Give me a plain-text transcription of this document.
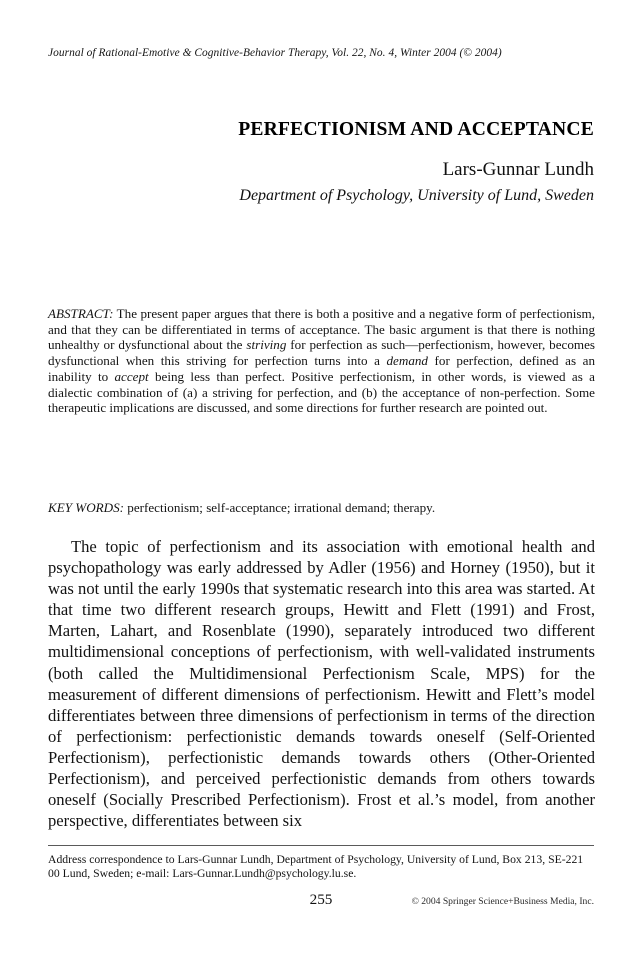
Journal of Rational-Emotive & Cognitive-Behavior Therapy, Vol. 22, No. 4, Winter 2004 (© 2004)
PERFECTIONISM AND ACCEPTANCE
Lars-Gunnar Lundh
Department of Psychology, University of Lund, Sweden
ABSTRACT: The present paper argues that there is both a positive and a negative form of perfectionism, and that they can be differentiated in terms of acceptance. The basic argument is that there is nothing unhealthy or dysfunctional about the striving for perfection as such—perfectionism, however, becomes dysfunctional when this striving for perfection turns into a demand for perfection, defined as an inability to accept being less than perfect. Positive perfectionism, in other words, is viewed as a dialectic combination of (a) a striving for perfection, and (b) the acceptance of non-perfection. Some therapeutic implications are discussed, and some directions for further research are pointed out.
KEY WORDS: perfectionism; self-acceptance; irrational demand; therapy.
The topic of perfectionism and its association with emotional health and psychopathology was early addressed by Adler (1956) and Horney (1950), but it was not until the early 1990s that systematic research into this area was started. At that time two different research groups, Hewitt and Flett (1991) and Frost, Marten, Lahart, and Rosenblate (1990), separately introduced two different multidimensional conceptions of perfectionism, with well-validated instruments (both called the Multidimensional Perfectionism Scale, MPS) for the measurement of different dimensions of perfectionism. Hewitt and Flett’s model differentiates between three dimensions of perfectionism in terms of the direction of perfectionism: perfectionistic demands towards oneself (Self-Oriented Perfectionism), perfectionistic demands towards others (Other-Oriented Perfectionism), and perceived perfectionistic demands from others towards oneself (Socially Prescribed Perfectionism). Frost et al.’s model, from another perspective, differentiates between six
Address correspondence to Lars-Gunnar Lundh, Department of Psychology, University of Lund, Box 213, SE-221 00 Lund, Sweden; e-mail: Lars-Gunnar.Lundh@psychology.lu.se.
255	© 2004 Springer Science+Business Media, Inc.
